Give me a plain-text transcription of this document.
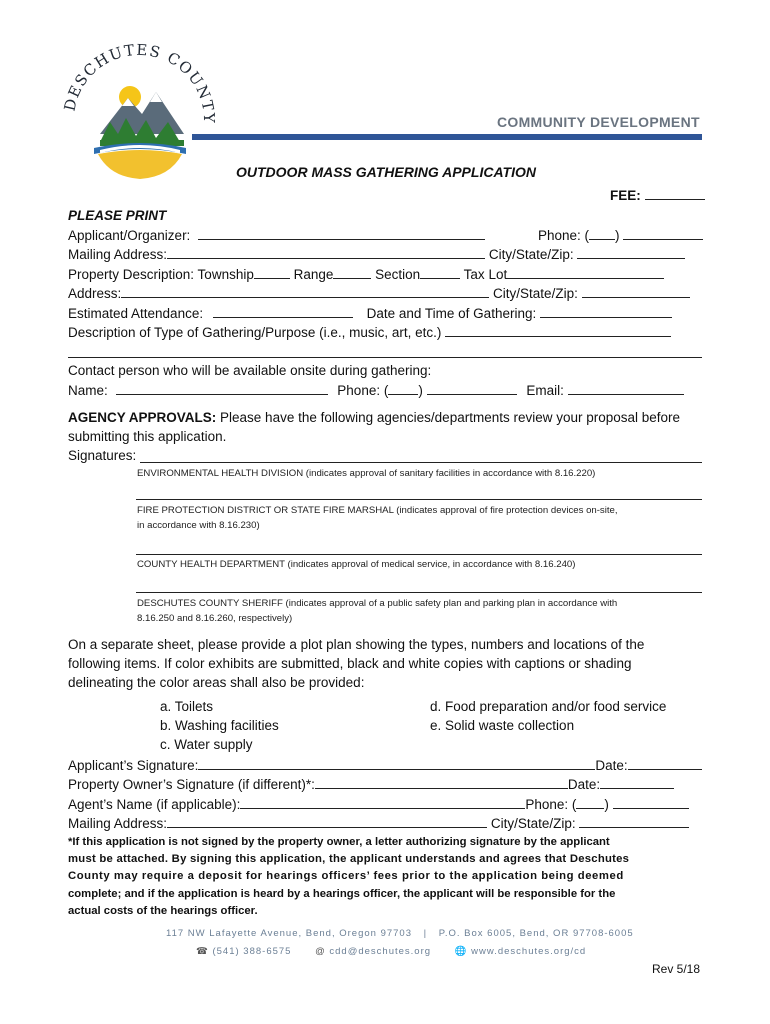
DESCHUTES COUNTY	COMMUNITY DEVELOPMENT
OUTDOOR MASS GATHERING APPLICATION
FEE:
PLEASE PRINT
Applicant/Organizer:	Phone: ( )
Mailing Address:	City/State/Zip:
Property Description: Township	Range	Section	Tax Lot
Address:	City/State/Zip:
Estimated Attendance:	Date and Time of Gathering:
Description of Type of Gathering/Purpose (i.e., music, art, etc.)
Contact person who will be available onsite during gathering:
Name:	Phone: ( )	Email:
AGENCY APPROVALS: Please have the following agencies/departments review your proposal before
submitting this application.
Signatures:
ENVIRONMENTAL HEALTH DIVISION (indicates approval of sanitary facilities in accordance with 8.16.220)
FIRE PROTECTION DISTRICT OR STATE FIRE MARSHAL (indicates approval of fire protection devices on-site,
in accordance with 8.16.230)
COUNTY HEALTH DEPARTMENT (indicates approval of medical service, in accordance with 8.16.240)
DESCHUTES COUNTY SHERIFF (indicates approval of a public safety plan and parking plan in accordance with
8.16.250 and 8.16.260, respectively)
On a separate sheet, please provide a plot plan showing the types, numbers and locations of the
following items. If color exhibits are submitted, black and white copies with captions or shading
delineating the color areas shall also be provided:
a. Toilets
b. Washing facilities
c. Water supply
d. Food preparation and/or food service
e. Solid waste collection
Applicant’s Signature:	Date:
Property Owner’s Signature (if different)*:	Date:
Agent’s Name (if applicable):	Phone: ( )
Mailing Address:	City/State/Zip:
*If this application is not signed by the property owner, a letter authorizing signature by the applicant
must be attached. By signing this application, the applicant understands and agrees that Deschutes
County may require a deposit for hearings officers’ fees prior to the application being deemed
complete; and if the application is heard by a hearings officer, the applicant will be responsible for the
actual costs of the hearings officer.
117 NW Lafayette Avenue, Bend, Oregon 97703 | P.O. Box 6005, Bend, OR 97708-6005
☎ (541) 388-6575 @ cdd@deschutes.org 🌐 www.deschutes.org/cd
Rev 5/18
